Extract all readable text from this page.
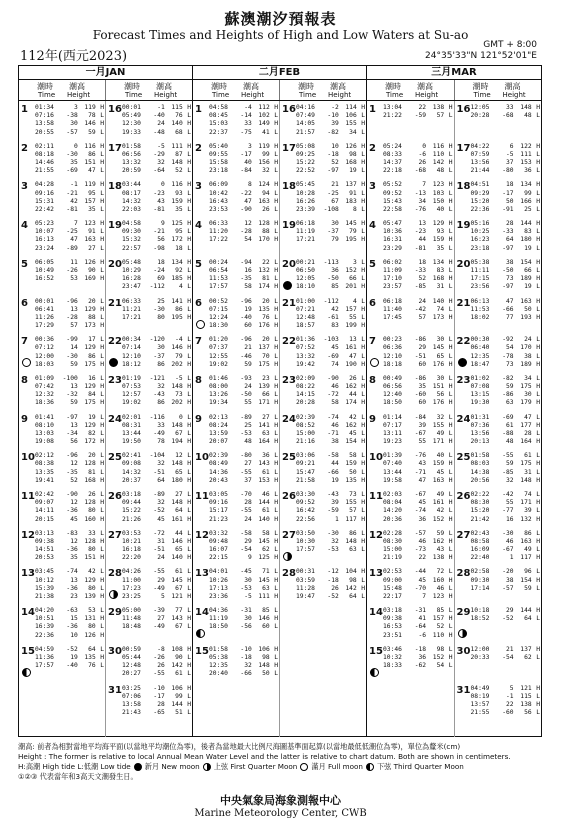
蘇澳潮汐預報表
Forecast Times and Heights of High and Low Waters at Su-ao
112年(西元2023)
GMT + 8:00
24°35'33"N 121°52'01"E
一月JAN
潮時 潮高
Time Height
潮時 潮高
Time Height
1 01:34	3 119 H
07:16 -38 78 L
13:58	30 146 H
20:55 -57 59 L
2 02:11	0 116 H
08:18 -30 86 L
14:46	35 151 H
21:55 -69 47 L
3 04:28	-1 119 H
09:16 -21 95 L
15:31	42 157 H
22:42 -81 35 L
4 05:23	7 123 H
10:07 -25 91 L
16:13	47 163 H
23:24 -89 27 L
5 06:05	11 126 H
10:49 -26 90 L
16:52	53 169 H
6 00:01 -96 20 L
06:41	13 129 H
11:26 -28 88 L
17:29	57 173 H
7 00:36 -99 17 L
07:12	14 129 H
12:00 -30 86 L
18:03	59 175 H
8 01:09 -100 16 L
07:42	13 129 H
12:32 -32 84 L
18:36	59 175 H
9 01:41 -97 19 L
08:10	13 129 H
13:03 -34 82 L
19:08	56 172 H
10 02:12 -96 20 L
08:38	12 128 H
13:35 -35 81 L
19:41	52 168 H
11 02:42 -90 26 L
09:07	12 128 H
14:11 -36 80 L
20:15	45 160 H
12 03:13 -83 33 L
09:38	12 128 H
14:51 -36 80 L
20:53	35 151 H
13 03:45 -74 42 L
10:12	13 129 H
15:39 -36 80 L
21:38	23 139 H
14 04:20 -63 53 L
10:51	15 131 H
16:39 -36 80 L
22:36	10 126 H
15 04:59 -52 64 L
11:36	19 135 H
17:57 -40 76 L
16 00:01	-1 115 H
05:49 -40 76 L
12:30	24 140 H
19:33 -48 68 L
17 01:58	-5 111 H
06:56 -29 87 L
13:32	32 148 H
20:59 -64 52 L
18 03:44	0 116 H
08:17 -23 93 L
14:32	43 159 H
22:03 -81 35 L
19 04:58	9 125 H
09:30 -21 95 L
15:32	56 172 H
22:57 -98 18 L
20 05:48	18 134 H
10:29 -24 92 L
16:28	69 185 H
23:47 -112 4 L
21 06:33	25 141 H
11:21 -30 86 L
17:21	80 195 H
22 00:34 -120 -4 L
07:14	30 146 H
12:10 -37 79 L
18:12	86 202 H
23 01:19 -121 -5 L
07:53	32 148 H
12:57 -43 73 L
19:02	86 202 H
24 02:01 -116 0 L
08:31	33 148 H
13:44 -49 67 L
19:50	78 194 H
25 02:41 -104 12 L
09:08	32 148 H
14:32 -51 65 L
20:37	64 180 H
26 03:18 -89 27 L
09:44	32 148 H
15:22 -52 64 L
21:26	45 161 H
27 03:53 -72 44 L
10:21	31 146 H
16:18 -51 65 L
22:20	24 140 H
28 04:26 -55 61 L
11:00	29 145 H
17:23 -49 67 L
23:25	5 121 H
29 05:00 -39 77 L
11:48	27 143 H
18:48 -49 67 L
30 00:59	-8 108 H
05:44 -26 90 L
12:48	26 142 H
20:27 -55 61 L
31 03:25 -10 106 H
07:06 -17 99 L
13:58	28 144 H
21:43 -65 51 L
二月FEB
潮時 潮高
Time Height
潮時 潮高
Time Height
1 04:58	-4 112 H
08:45 -14 102 L
15:03	33 149 H
22:37 -75 41 L
2 05:40	3 119 H
09:55 -17 99 L
15:58	40 156 H
23:18 -84 32 L
3 06:09	8 124 H
10:42 -22 94 L
16:43	47 163 H
23:53 -90 26 L
4 06:33	12 128 H
11:20 -28 88 L
17:22	54 170 H
5 00:24 -94 22 L
06:54	16 132 H
11:53 -35 81 L
17:57	58 174 H
6 00:52 -96 20 L
07:15	19 135 H
12:24 -40 76 L
18:30	60 176 H
7 01:20 -96 20 L
07:37	21 137 H
12:55 -46 70 L
19:02	59 175 H
8 01:46 -93 23 L
08:00	24 139 H
13:26 -50 66 L
19:34	55 171 H
9 02:13 -89 27 L
08:24	25 141 H
13:59 -53 63 L
20:07	48 164 H
10 02:39 -80 36 L
08:49	27 143 H
14:36 -55 61 L
20:43	37 153 H
11 03:05 -70 46 L
09:16	28 144 H
15:17 -55 61 L
21:23	24 140 H
12 03:32 -58 58 L
09:48	29 145 H
16:07 -54 62 L
22:15	9 125 H
13 04:01 -45 71 L
10:26	30 145 H
17:13 -53 63 L
23:36	-5 111 H
14 04:36 -31 85 L
11:19	30 146 H
18:50 -56 60 L
15 01:58 -10 106 H
05:38 -18 98 L
12:35	32 148 H
20:40 -66 50 L
16 04:16	-2 114 H
07:49 -10 106 L
14:05	39 155 H
21:57 -82 34 L
17 05:08	10 126 H
09:25 -18 98 L
15:22	52 168 H
22:52 -97 19 L
18 05:45	21 137 H
10:28 -25 91 L
16:26	67 183 H
23:39 -108 8 L
19 06:18	30 145 H
11:19 -37 79 L
17:21	79 195 H
20 00:21 -113 3 L
06:50	36 152 H
12:05 -50 66 L
18:10	85 201 H
21 01:00 -112 4 L
07:21	42 157 H
12:48 -61 55 L
18:57	83 199 H
22 01:36 -103 13 L
07:52	45 161 H
13:32 -69 47 L
19:42	74 190 H
23 02:09 -90 26 L
08:22	46 162 H
14:15 -72 44 L
20:28	58 174 H
24 02:39 -74 42 L
08:52	46 162 H
15:00 -71 45 L
21:16	38 154 H
25 03:06 -58 58 L
09:21	44 159 H
15:47 -66 50 L
21:58	19 135 H
26 03:30 -43 73 L
09:52	39 155 H
16:42 -59 57 L
22:56	1 117 H
27 03:50 -30 86 L
10:30	32 148 H
17:57 -53 63 L
28 00:31 -12 104 H
03:59 -18 98 L
11:28	26 142 H
19:47 -52 64 L
三月MAR
潮時 潮高
Time Height
潮時 潮高
Time Height
1 13:04	22 138 H
21:22 -59 57 L
2 05:24	0 116 H
08:33	-6 110 L
14:37	26 142 H
22:18 -68 48 L
3 05:52	7 123 H
09:52 -13 103 L
15:43	34 150 H
22:58 -76 40 L
4 05:47	13 129 H
10:36 -23 93 L
16:31	44 159 H
23:29 -81 35 L
5 06:02	18 134 H
11:09 -33 83 L
17:10	52 168 H
23:57 -85 31 L
6 06:18	24 140 H
11:40 -42 74 L
17:45	57 173 H
7 00:23 -86 30 L
06:36	29 145 H
12:10 -51 65 L
18:18	60 176 H
8 00:49 -86 30 L
06:56	35 151 H
12:40 -60 56 L
18:50	60 176 H
9 01:14 -84 32 L
07:17	39 155 H
13:11 -67 49 L
19:23	55 171 H
10 01:39 -76 40 L
07:40	43 159 H
13:44 -71 45 L
19:58	47 163 H
11 02:03 -67 49 L
08:04	45 161 H
14:20 -74 42 L
20:36	36 152 H
12 02:28 -57 59 L
08:30	46 162 H
15:00 -73 43 L
21:19	22 138 H
13 02:53 -44 72 L
09:00	45 160 H
15:48 -70 46 L
22:17	7 123 H
14 03:18 -31 85 L
09:38	41 157 H
16:53 -64 52 L
23:51	-6 110 H
15 03:46 -18 98 L
10:32	36 152 H
18:33 -62 54 L
16 12:05	33 148 H
20:28 -68 48 L
17 04:22	6 122 H
07:59	-5 111 L
13:56	37 153 H
21:44 -80 36 L
18 04:51	18 134 H
09:29 -17 99 L
15:20	50 166 H
22:36 -91 25 L
19 05:16	28 144 H
10:25 -33 83 L
16:23	64 180 H
23:18 -97 19 L
20 05:38	38 154 H
11:11 -50 66 L
17:15	73 189 H
23:56 -97 19 L
21 06:13	47 163 H
11:53 -66 50 L
18:02	77 193 H
22 00:30 -92 24 L
06:40	54 170 H
12:35 -78 38 L
18:47	73 189 H
23 01:02 -82 34 L
07:08	59 175 H
13:15 -86 30 L
19:30	63 179 H
24 01:31 -69 47 L
07:36	61 177 H
13:56 -88 28 L
20:13	48 164 H
25 01:58 -55 61 L
08:03	59 175 H
14:38 -85 31 L
20:56	32 148 H
26 02:22 -42 74 L
08:30	55 171 H
15:20 -77 39 L
21:42	16 132 H
27 02:43 -30 86 L
08:58	46 163 H
16:09 -67 49 L
22:40	1 117 H
28 02:58 -20 96 L
09:30	38 154 H
17:14 -57 59 L
29 10:18	29 144 H
18:52 -52 64 L
30 12:00	21 137 H
20:33 -54 62 L
31 04:49	5 121 H
08:19	-1 115 L
13:57	22 138 H
21:55 -60 56 L
潮高: 前者為相對當地平均海平面(以當地平均潮位為零)，後者為當地最大比例尺海圖基準面起算(以當地最低低潮位為零)，單位為釐米(cm)
Height : The former is relative to local Annual Mean Water Level and the latter is relative to chart datum. Both are shown in centimeters.
H:高潮 High tide L:低潮 Low tide 新月 New moon 上弦 First Quarter Moon 滿月 Full moon 下弦 Third Quarter Moon
①②③ 代表當年和3高天文潮發生日。
中央氣象局海象測報中心
Marine Meteorology Center, CWB
